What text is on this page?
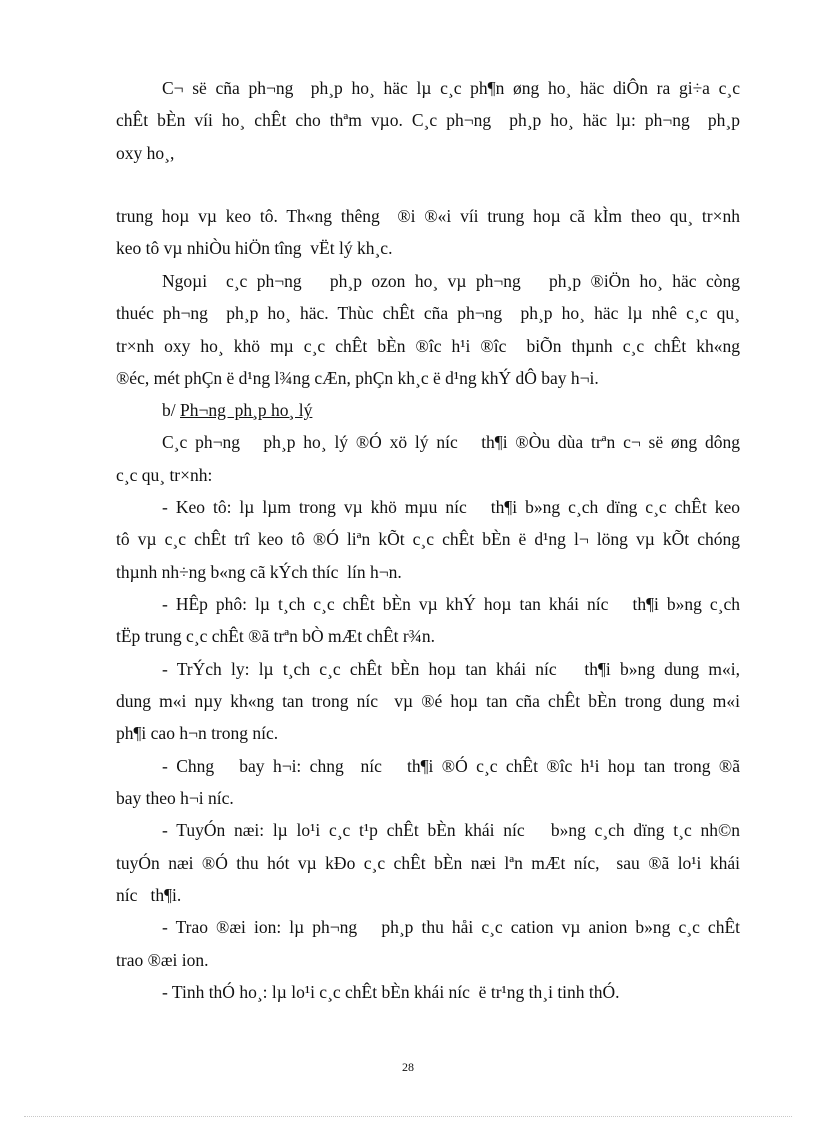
C¬ së cña ph¬ng  ph¸p ho¸ häc lµ c¸c ph¶n øng ho¸ häc diÔn ra gi÷a c¸c
chÊt bÈn víi ho¸ chÊt cho thªm vµo. C¸c ph¬ng  ph¸p ho¸ häc lµ: ph¬ng  ph¸p
oxy ho¸,
trung hoµ vµ keo tô. Th«ng thêng  ®i ®«i víi trung hoµ cã kÌm theo qu¸ tr×nh
keo tô vµ nhiÒu hiÖn tîng  vËt lý kh¸c.
Ngoµi  c¸c ph¬ng   ph¸p ozon ho¸ vµ ph¬ng   ph¸p ®iÖn ho¸ häc còng
thuéc ph¬ng  ph¸p ho¸ häc. Thùc chÊt cña ph¬ng  ph¸p ho¸ häc lµ nhê c¸c qu¸
tr×nh oxy ho¸ khö mµ c¸c chÊt bÈn ®îc h¹i ®îc  biÕn thµnh c¸c chÊt kh«ng
®éc, mét phÇn ë d¹ng l¾ng cÆn, phÇn kh¸c ë d¹ng khÝ dÔ bay h¬i.
b/ Ph¬ng  ph¸p ho¸ lý
C¸c ph¬ng   ph¸p ho¸ lý ®Ó xö lý níc   th¶i ®Òu dùa trªn c¬ së øng dông
c¸c qu¸ tr×nh:
- Keo tô: lµ lµm trong vµ khö mµu níc   th¶i b»ng c¸ch dïng c¸c chÊt keo
tô vµ c¸c chÊt trî keo tô ®Ó liªn kÕt c¸c chÊt bÈn ë d¹ng l¬ löng vµ kÕt chóng
thµnh nh÷ng b«ng cã kÝch thíc  lín h¬n.
- HÊp phô: lµ t¸ch c¸c chÊt bÈn vµ khÝ hoµ tan khái níc   th¶i b»ng c¸ch
tËp trung c¸c chÊt ®ã trªn bÒ mÆt chÊt r¾n.
- TrÝch ly: lµ t¸ch c¸c chÊt bÈn hoµ tan khái níc   th¶i b»ng dung m«i,
dung m«i nµy kh«ng tan trong níc  vµ ®é hoµ tan cña chÊt bÈn trong dung m«i
ph¶i cao h¬n trong níc.
- Chng   bay h¬i: chng  níc   th¶i ®Ó c¸c chÊt ®îc h¹i hoµ tan trong ®ã
bay theo h¬i níc.
- TuyÓn næi: lµ lo¹i c¸c t¹p chÊt bÈn khái níc   b»ng c¸ch dïng t¸c nh©n
tuyÓn næi ®Ó thu hót vµ kÐo c¸c chÊt bÈn næi lªn mÆt níc,  sau ®ã lo¹i khái
níc   th¶i.
- Trao ®æi ion: lµ ph¬ng   ph¸p thu håi c¸c cation vµ anion b»ng c¸c chÊt
trao ®æi ion.
- Tinh thÓ ho¸: lµ lo¹i c¸c chÊt bÈn khái níc  ë tr¹ng th¸i tinh thÓ.
28
